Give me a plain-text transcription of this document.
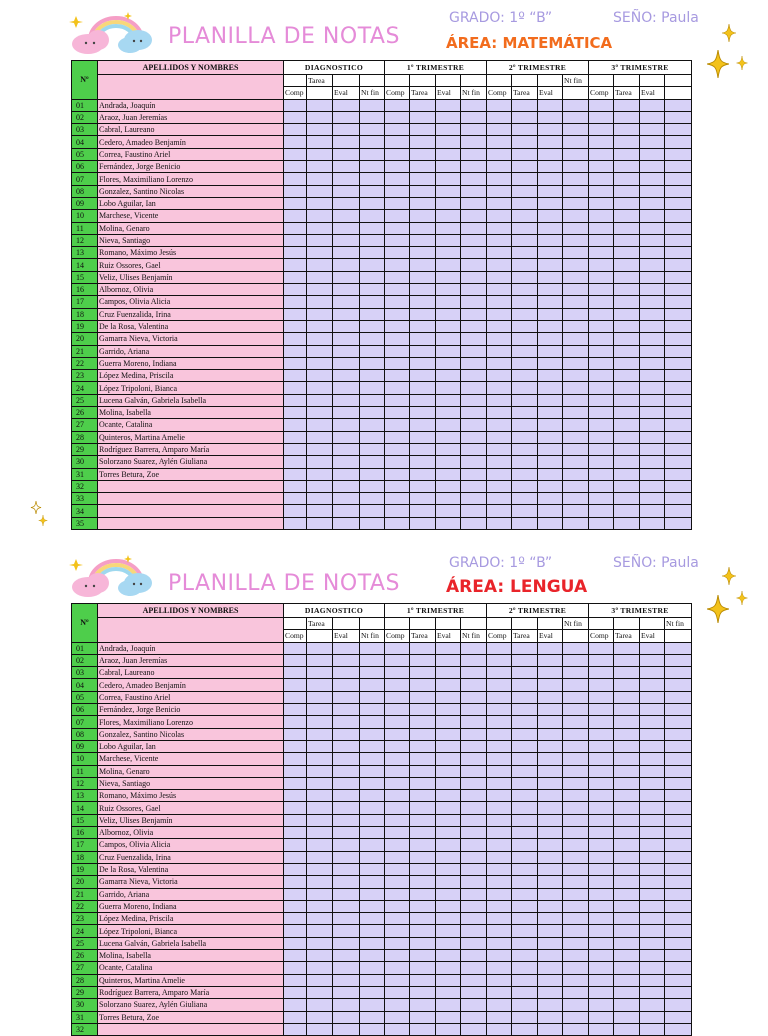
PLANILLA DE NOTAS
GRADO: 1º “B”	SEÑO: Paula
ÁREA: MATEMÁTICA
Nº	APELLIDOS Y NOMBRES	DIAGNOSTICO				1º TRIMESTRE				2º TRIMESTRE				3º TRIMESTRE			
			Tarea										Nt fin				
		Comp		Eval	Nt fin	Comp	Tarea	Eval	Nt fin	Comp	Tarea	Eval		Comp	Tarea	Eval	
01	Andrada, Joaquín																
02	Araoz, Juan Jeremías																
03	Cabral, Laureano																
04	Cedero, Amadeo Benjamín																
05	Correa, Faustino Ariel																
06	Fernández, Jorge Benicio																
07	Flores, Maximiliano Lorenzo																
08	Gonzalez, Santino Nicolas																
09	Lobo Aguilar, Ian																
10	Marchese, Vicente																
11	Molina, Genaro																
12	Nieva, Santiago																
13	Romano, Máximo Jesús																
14	Ruiz Ossores, Gael																
15	Veliz, Ulises Benjamín																
16	Albornoz, Olivia																
17	Campos, Olivia Alicia																
18	Cruz Fuenzalida, Irina																
19	De la Rosa, Valentina																
20	Gamarra Nieva, Victoria																
21	Garrido, Ariana																
22	Guerra Moreno, Indiana																
23	López Medina, Priscila																
24	López Tripoloni, Bianca																
25	Lucena Galván, Gabriela Isabella																
26	Molina, Isabella																
27	Ocante, Catalina																
28	Quinteros, Martina Amelie																
29	Rodríguez Barrera, Amparo María																
30	Solorzano Suarez, Aylén Giuliana																
31	Torres Betura, Zoe																
32																	
33																	
34																	
35																	
PLANILLA DE NOTAS
GRADO: 1º “B”	SEÑO: Paula
ÁREA: LENGUA
Nº	APELLIDOS Y NOMBRES	DIAGNOSTICO				1º TRIMESTRE				2º TRIMESTRE				3º TRIMESTRE			
			Tarea										Nt fin				Nt fin
		Comp		Eval	Nt fin	Comp	Tarea	Eval	Nt fin	Comp	Tarea	Eval		Comp	Tarea	Eval	
01	Andrada, Joaquín																
02	Araoz, Juan Jeremías																
03	Cabral, Laureano																
04	Cedero, Amadeo Benjamín																
05	Correa, Faustino Ariel																
06	Fernández, Jorge Benicio																
07	Flores, Maximiliano Lorenzo																
08	Gonzalez, Santino Nicolas																
09	Lobo Aguilar, Ian																
10	Marchese, Vicente																
11	Molina, Genaro																
12	Nieva, Santiago																
13	Romano, Máximo Jesús																
14	Ruiz Ossores, Gael																
15	Veliz, Ulises Benjamín																
16	Albornoz, Olivia																
17	Campos, Olivia Alicia																
18	Cruz Fuenzalida, Irina																
19	De la Rosa, Valentina																
20	Gamarra Nieva, Victoria																
21	Garrido, Ariana																
22	Guerra Moreno, Indiana																
23	López Medina, Priscila																
24	López Tripoloni, Bianca																
25	Lucena Galván, Gabriela Isabella																
26	Molina, Isabella																
27	Ocante, Catalina																
28	Quinteros, Martina Amelie																
29	Rodríguez Barrera, Amparo María																
30	Solorzano Suarez, Aylén Giuliana																
31	Torres Betura, Zoe																
32																	
